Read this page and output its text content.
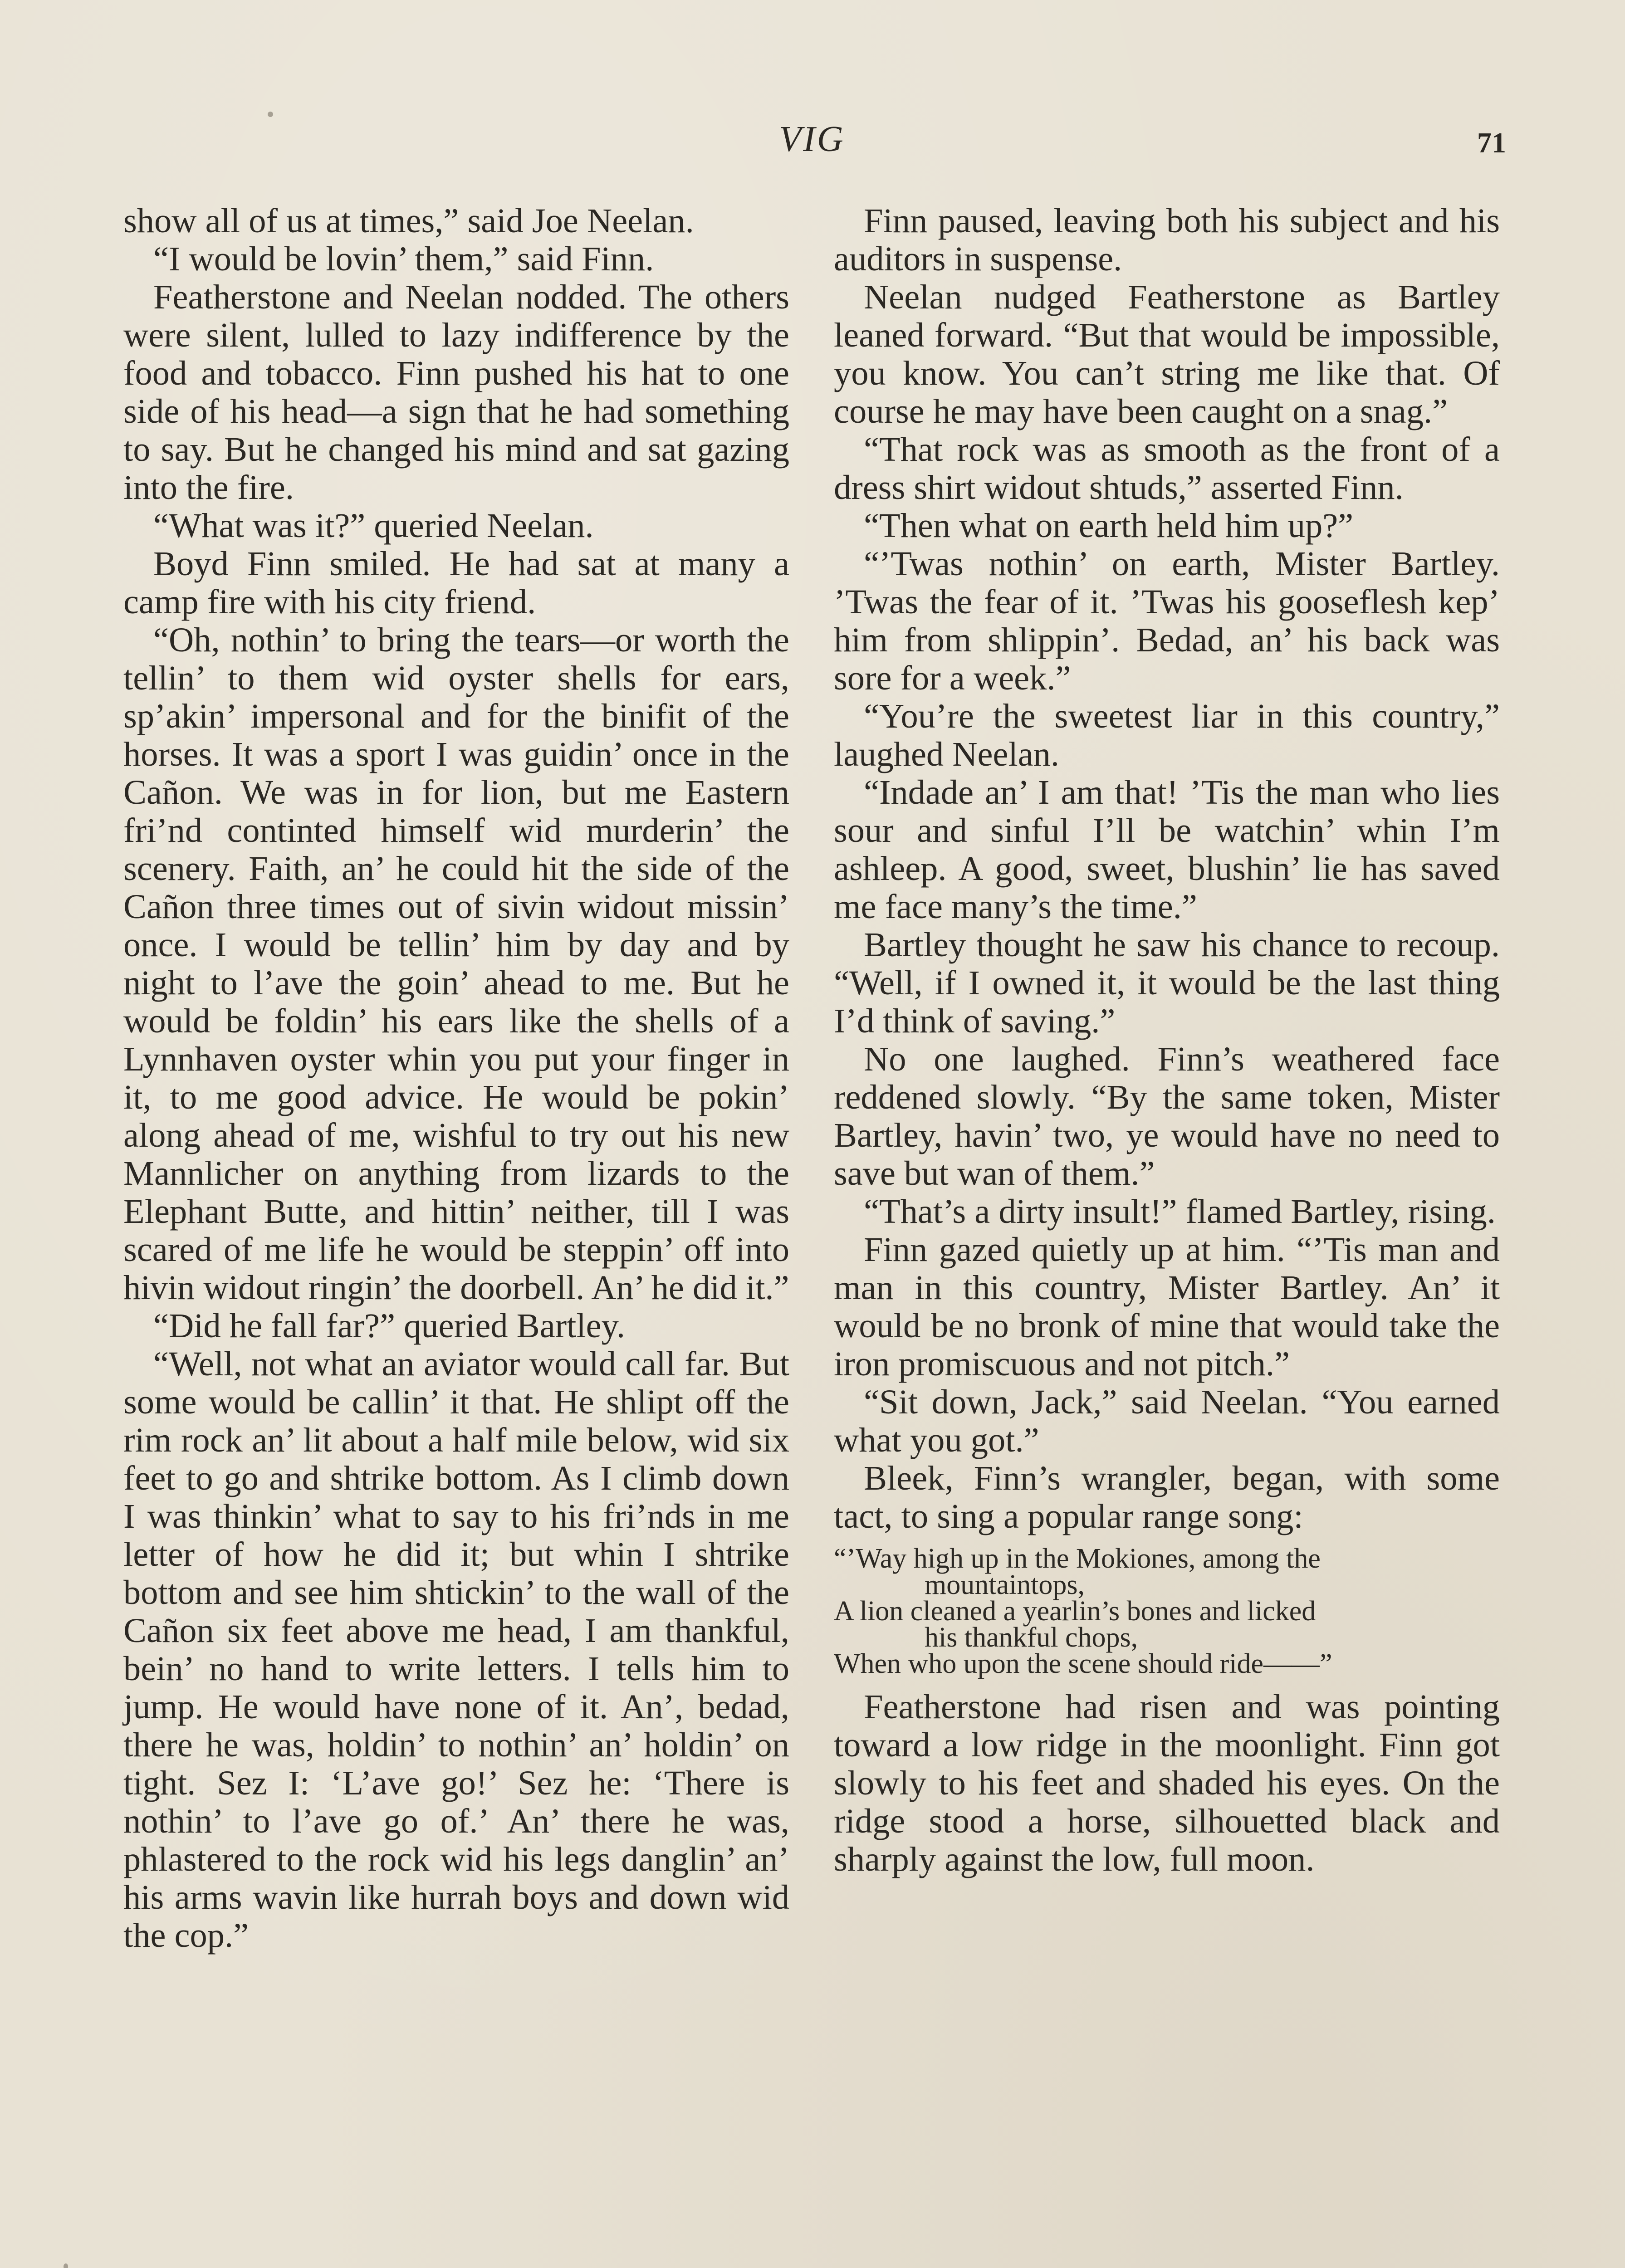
VIG	71

show all of us at times,” said Joe Neelan.

“I would be lovin’ them,” said Finn.

Featherstone and Neelan nodded. The others were silent, lulled to lazy indifference by the food and tobacco. Finn pushed his hat to one side of his head—a sign that he had something to say. But he changed his mind and sat gazing into the fire.

“What was it?” queried Neelan.

Boyd Finn smiled. He had sat at many a camp fire with his city friend.

“Oh, nothin’ to bring the tears—or worth the tellin’ to them wid oyster shells for ears, sp’akin’ impersonal and for the binifit of the horses. It was a sport I was guidin’ once in the Cañon. We was in for lion, but me Eastern fri’nd continted himself wid murderin’ the scenery. Faith, an’ he could hit the side of the Cañon three times out of sivin widout missin’ once. I would be tellin’ him by day and by night to l’ave the goin’ ahead to me. But he would be foldin’ his ears like the shells of a Lynnhaven oyster whin you put your finger in it, to me good advice. He would be pokin’ along ahead of me, wishful to try out his new Mannlicher on anything from lizards to the Elephant Butte, and hittin’ neither, till I was scared of me life he would be steppin’ off into hivin widout ringin’ the doorbell. An’ he did it.”

“Did he fall far?” queried Bartley.

“Well, not what an aviator would call far. But some would be callin’ it that. He shlipt off the rim rock an’ lit about a half mile below, wid six feet to go and shtrike bottom. As I climb down I was thinkin’ what to say to his fri’nds in me letter of how he did it; but whin I shtrike bottom and see him shtickin’ to the wall of the Cañon six feet above me head, I am thankful, bein’ no hand to write letters. I tells him to jump. He would have none of it. An’, bedad, there he was, holdin’ to nothin’ an’ holdin’ on tight. Sez I: ‘L’ave go!’ Sez he: ‘There is nothin’ to l’ave go of.’ An’ there he was, phlastered to the rock wid his legs danglin’ an’ his arms wavin like hurrah boys and down wid the cop.”

Finn paused, leaving both his subject and his auditors in suspense.

Neelan nudged Featherstone as Bartley leaned forward. “But that would be impossible, you know. You can’t string me like that. Of course he may have been caught on a snag.”

“That rock was as smooth as the front of a dress shirt widout shtuds,” asserted Finn.

“Then what on earth held him up?”

“’Twas nothin’ on earth, Mister Bartley. ’Twas the fear of it. ’Twas his gooseflesh kep’ him from shlippin’. Bedad, an’ his back was sore for a week.”

“You’re the sweetest liar in this country,” laughed Neelan.

“Indade an’ I am that! ’Tis the man who lies sour and sinful I’ll be watchin’ whin I’m ashleep. A good, sweet, blushin’ lie has saved me face many’s the time.”

Bartley thought he saw his chance to recoup. “Well, if I owned it, it would be the last thing I’d think of saving.”

No one laughed. Finn’s weathered face reddened slowly. “By the same token, Mister Bartley, havin’ two, ye would have no need to save but wan of them.”

“That’s a dirty insult!” flamed Bartley, rising.

Finn gazed quietly up at him. “’Tis man and man in this country, Mister Bartley. An’ it would be no bronk of mine that would take the iron promiscuous and not pitch.”

“Sit down, Jack,” said Neelan. “You earned what you got.”

Bleek, Finn’s wrangler, began, with some tact, to sing a popular range song:

“’Way high up in the Mokiones, among the
mountaintops,
A lion cleaned a yearlin’s bones and licked
his thankful chops,
When who upon the scene should ride——”

Featherstone had risen and was pointing toward a low ridge in the moonlight. Finn got slowly to his feet and shaded his eyes. On the ridge stood a horse, silhouetted black and sharply against the low, full moon.
